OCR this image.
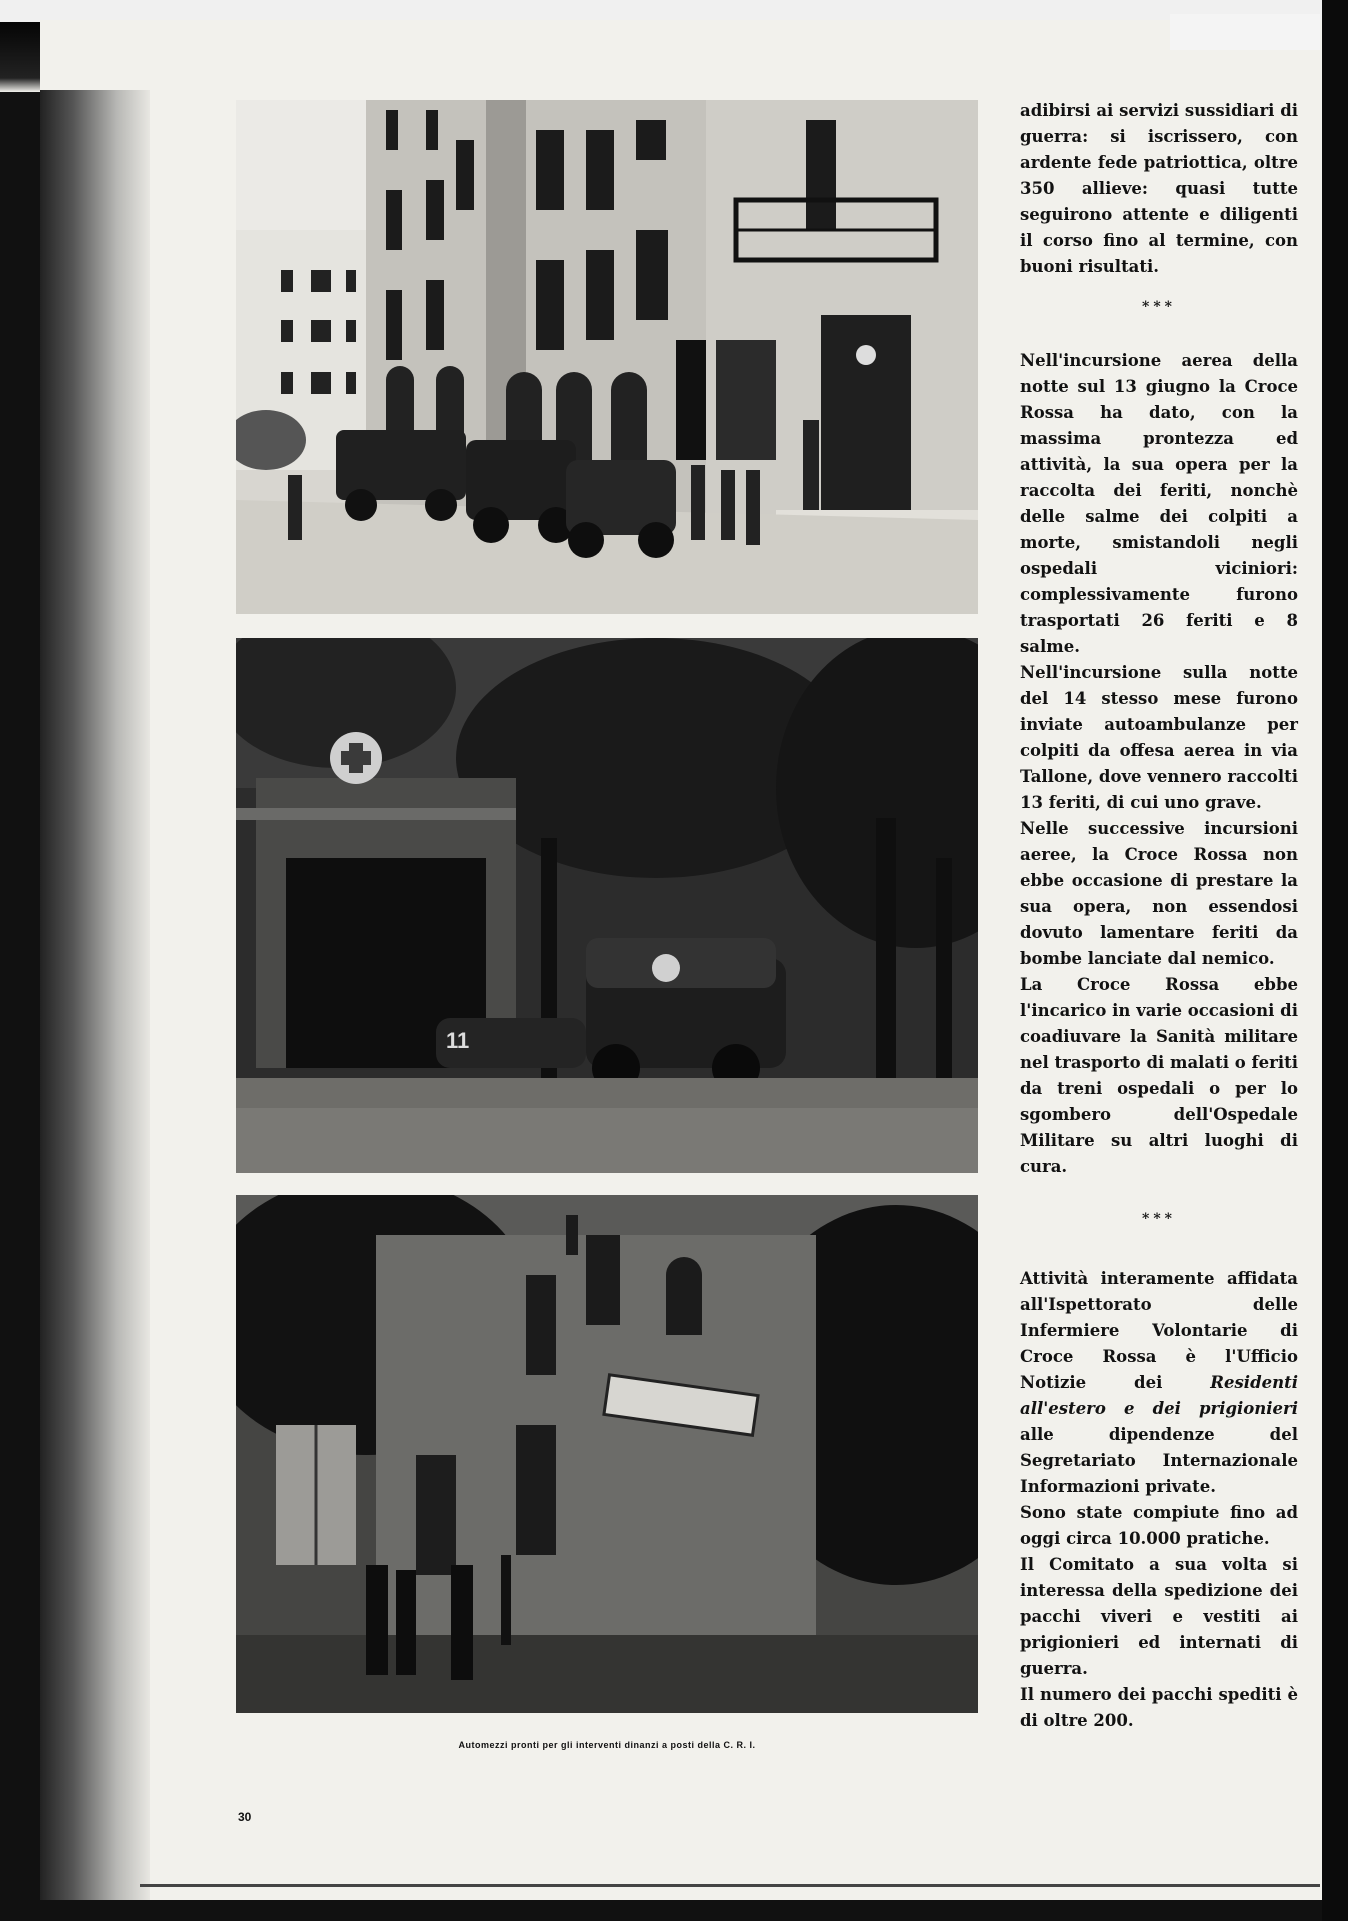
11
Automezzi pronti per gli interventi dinanzi a posti della C. R. I.
30

adibirsi ai servizi sussidiari di guerra: si iscrissero, con ardente fede patriottica, oltre 350 allieve: quasi tutte seguirono attente e diligenti il corso fino al termine, con buoni risultati.

***

Nell'incursione aerea della notte sul 13 giugno la Croce Rossa ha dato, con la massima prontezza ed attività, la sua opera per la raccolta dei feriti, nonchè delle salme dei colpiti a morte, smistandoli negli ospedali viciniori: complessivamente furono trasportati 26 feriti e 8 salme.

Nell'incursione sulla notte del 14 stesso mese furono inviate autoambulanze per colpiti da offesa aerea in via Tallone, dove vennero raccolti 13 feriti, di cui uno grave.

Nelle successive incursioni aeree, la Croce Rossa non ebbe occasione di prestare la sua opera, non essendosi dovuto lamentare feriti da bombe lanciate dal nemico.

La Croce Rossa ebbe l'incarico in varie occasioni di coadiuvare la Sanità militare nel trasporto di malati o feriti da treni ospedali o per lo sgombero dell'Ospedale Militare su altri luoghi di cura.

***

Attività interamente affidata all'Ispettorato delle Infermiere Volontarie di Croce Rossa è l'Ufficio Notizie dei Residenti all'estero e dei prigionieri alle dipendenze del Segretariato Internazionale Informazioni private.

Sono state compiute fino ad oggi circa 10.000 pratiche.

Il Comitato a sua volta si interessa della spedizione dei pacchi viveri e vestiti ai prigionieri ed internati di guerra.

Il numero dei pacchi spediti è di oltre 200.
